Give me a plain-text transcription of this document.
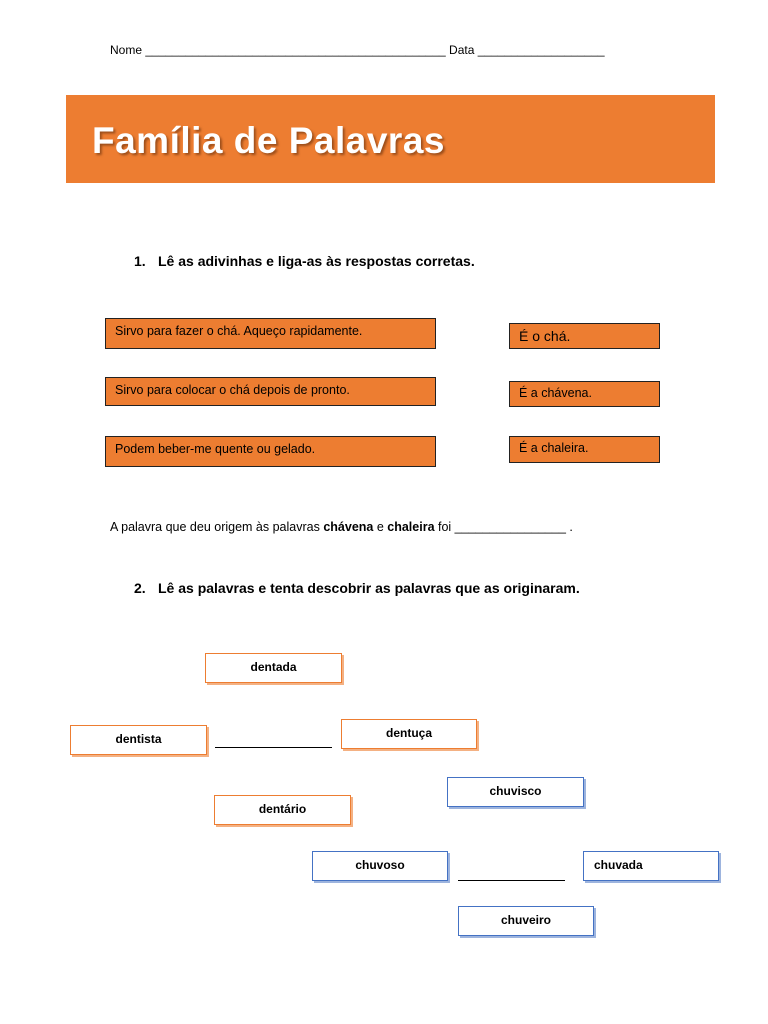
Nome _____________________________________________ Data ___________________
Família de Palavras
1. Lê as adivinhas e liga-as às respostas corretas.
Sirvo para fazer o chá. Aqueço rapidamente.
Sirvo para colocar o chá depois de pronto.
Podem beber-me quente ou gelado.
É o chá.
É a chávena.
É a chaleira.
A palavra que deu origem às palavras chávena e chaleira foi ________________ .
2. Lê as palavras e tenta descobrir as palavras que as originaram.
dentada
dentista	dentuça
dentário
chuvisco
chuvoso	chuvada
chuveiro
